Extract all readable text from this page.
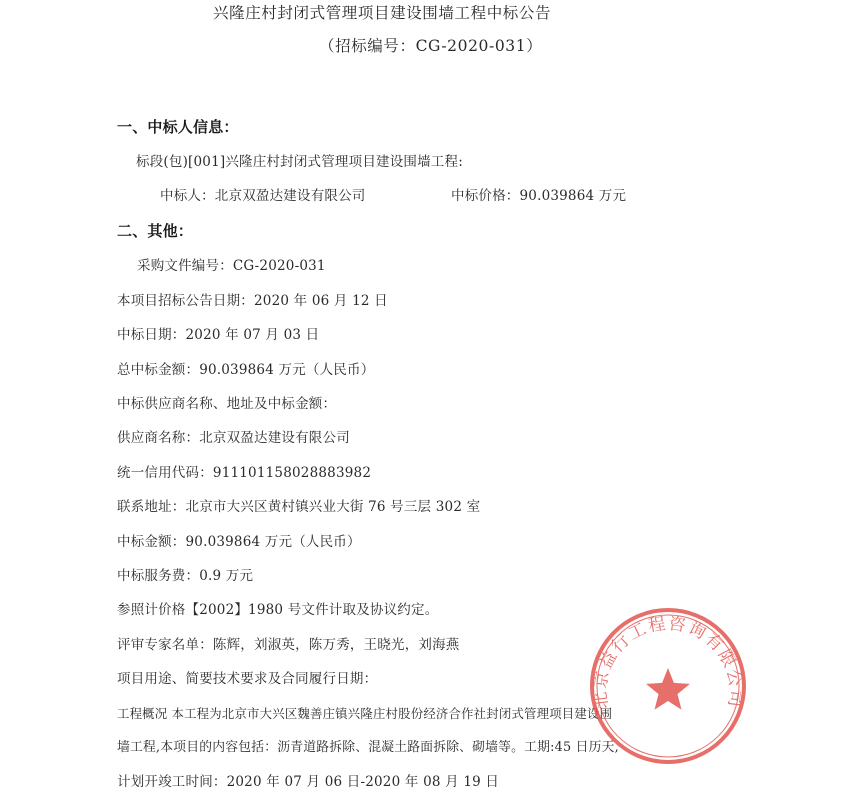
兴隆庄村封闭式管理项目建设围墙工程中标公告
（招标编号：CG-2020-031）
一、中标人信息：
标段(包)[001]兴隆庄村封闭式管理项目建设围墙工程:
中标人：北京双盈达建设有限公司	中标价格：90.039864 万元
二、其他：
采购文件编号：CG-2020-031
本项目招标公告日期：2020 年 06 月 12 日
中标日期：2020 年 07 月 03 日
总中标金额：90.039864 万元（人民币）
中标供应商名称、地址及中标金额：
供应商名称：北京双盈达建设有限公司
统一信用代码：911101158028883982
联系地址：北京市大兴区黄村镇兴业大街 76 号三层 302 室
中标金额：90.039864 万元（人民币）
中标服务费：0.9 万元
参照计价格【2002】1980 号文件计取及协议约定。
评审专家名单：陈辉，刘淑英，陈万秀，王晓光，刘海燕
项目用途、简要技术要求及合同履行日期：
工程概况 本工程为北京市大兴区魏善庄镇兴隆庄村股份经济合作社封闭式管理项目建设围
墙工程,本项目的内容包括：沥青道路拆除、混凝土路面拆除、砌墙等。工期:45 日历天,
计划开竣工时间：2020 年 07 月 06 日-2020 年 08 月 19 日
北京益行工程咨询有限公司
